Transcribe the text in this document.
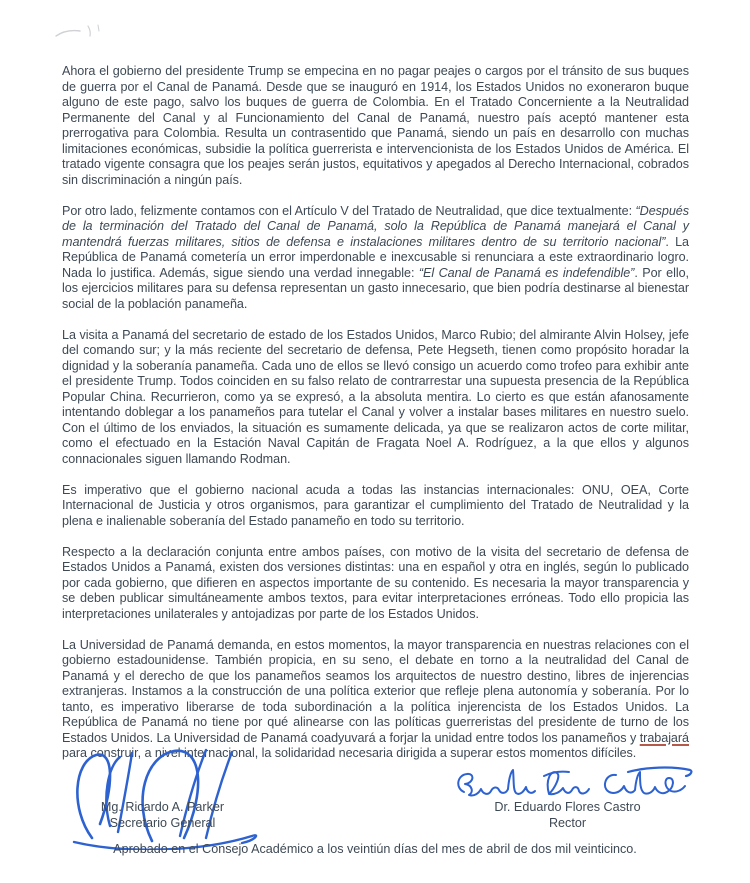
Ahora el gobierno del presidente Trump se empecina en no pagar peajes o cargos por el tránsito de sus buques de guerra por el Canal de Panamá. Desde que se inauguró en 1914, los Estados Unidos no exoneraron buque alguno de este pago, salvo los buques de guerra de Colombia. En el Tratado Concerniente a la Neutralidad Permanente del Canal y al Funcionamiento del Canal de Panamá, nuestro país aceptó mantener esta prerrogativa para Colombia. Resulta un contrasentido que Panamá, siendo un país en desarrollo con muchas limitaciones económicas, subsidie la política guerrerista e intervencionista de los Estados Unidos de América. El tratado vigente consagra que los peajes serán justos, equitativos y apegados al Derecho Internacional, cobrados sin discriminación a ningún país.

Por otro lado, felizmente contamos con el Artículo V del Tratado de Neutralidad, que dice textualmente: “Después de la terminación del Tratado del Canal de Panamá, solo la República de Panamá manejará el Canal y mantendrá fuerzas militares, sitios de defensa e instalaciones militares dentro de su territorio nacional”. La República de Panamá cometería un error imperdonable e inexcusable si renunciara a este extraordinario logro. Nada lo justifica. Además, sigue siendo una verdad innegable: “El Canal de Panamá es indefendible”. Por ello, los ejercicios militares para su defensa representan un gasto innecesario, que bien podría destinarse al bienestar social de la población panameña.

La visita a Panamá del secretario de estado de los Estados Unidos, Marco Rubio; del almirante Alvin Holsey, jefe del comando sur; y la más reciente del secretario de defensa, Pete Hegseth, tienen como propósito horadar la dignidad y la soberanía panameña. Cada uno de ellos se llevó consigo un acuerdo como trofeo para exhibir ante el presidente Trump. Todos coinciden en su falso relato de contrarrestar una supuesta presencia de la República Popular China. Recurrieron, como ya se expresó, a la absoluta mentira. Lo cierto es que están afanosamente intentando doblegar a los panameños para tutelar el Canal y volver a instalar bases militares en nuestro suelo. Con el último de los enviados, la situación es sumamente delicada, ya que se realizaron actos de corte militar, como el efectuado en la Estación Naval Capitán de Fragata Noel A. Rodríguez, a la que ellos y algunos connacionales siguen llamando Rodman.

Es imperativo que el gobierno nacional acuda a todas las instancias internacionales: ONU, OEA, Corte Internacional de Justicia y otros organismos, para garantizar el cumplimiento del Tratado de Neutralidad y la plena e inalienable soberanía del Estado panameño en todo su territorio.

Respecto a la declaración conjunta entre ambos países, con motivo de la visita del secretario de defensa de Estados Unidos a Panamá, existen dos versiones distintas: una en español y otra en inglés, según lo publicado por cada gobierno, que difieren en aspectos importante de su contenido. Es necesaria la mayor transparencia y se deben publicar simultáneamente ambos textos, para evitar interpretaciones erróneas. Todo ello propicia las interpretaciones unilaterales y antojadizas por parte de los Estados Unidos.

La Universidad de Panamá demanda, en estos momentos, la mayor transparencia en nuestras relaciones con el gobierno estadounidense. También propicia, en su seno, el debate en torno a la neutralidad del Canal de Panamá y el derecho de que los panameños seamos los arquitectos de nuestro destino, libres de injerencias extranjeras. Instamos a la construcción de una política exterior que refleje plena autonomía y soberanía. Por lo tanto, es imperativo liberarse de toda subordinación a la política injerencista de los Estados Unidos. La República de Panamá no tiene por qué alinearse con las políticas guerreristas del presidente de turno de los Estados Unidos. La Universidad de Panamá coadyuvará a forjar la unidad entre todos los panameños y trabajará para construir, a nivel internacional, la solidaridad necesaria dirigida a superar estos momentos difíciles.

Mg. Ricardo A. Parker
Secretario General
Dr. Eduardo Flores Castro
Rector
Aprobado en el Consejo Académico a los veintiún días del mes de abril de dos mil veinticinco.
